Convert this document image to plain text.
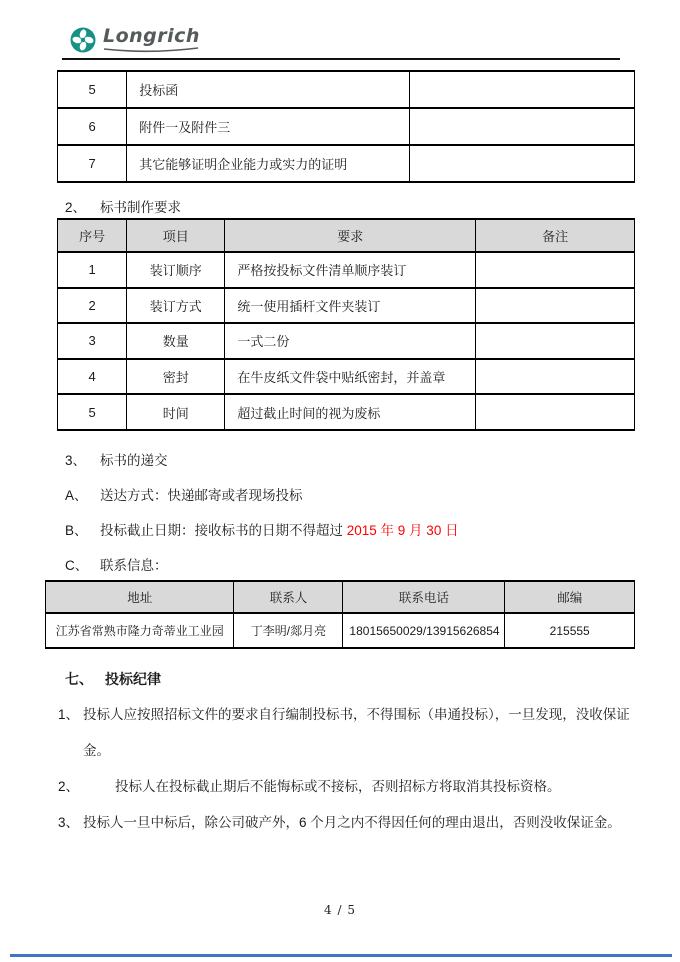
Longrich
5	投标函	
6	附件一及附件三	
7	其它能够证明企业能力或实力的证明	
2、	标书制作要求
序号	项目	要求	备注
1	装订顺序	严格按投标文件清单顺序装订	
2	装订方式	统一使用插杆文件夹装订	
3	数量	一式二份	
4	密封	在牛皮纸文件袋中贴纸密封，并盖章	
5	时间	超过截止时间的视为废标	
3、	标书的递交
A、 送达方式：快递邮寄或者现场投标
B、 投标截止日期：接收标书的日期不得超过 2015 年 9 月 30 日
C、 联系信息：
地址	联系人	联系电话	邮编
江苏省常熟市隆力奇蒂业工业园	丁李明/郯月亮	18015650029/13915626854	215555
七、 投标纪律
1、 投标人应按照招标文件的要求自行编制投标书，不得围标（串通投标），一旦发现，没收保证金。
2、	投标人在投标截止期后不能悔标或不接标，否则招标方将取消其投标资格。
3、 投标人一旦中标后，除公司破产外，6 个月之内不得因任何的理由退出，否则没收保证金。
4 / 5
